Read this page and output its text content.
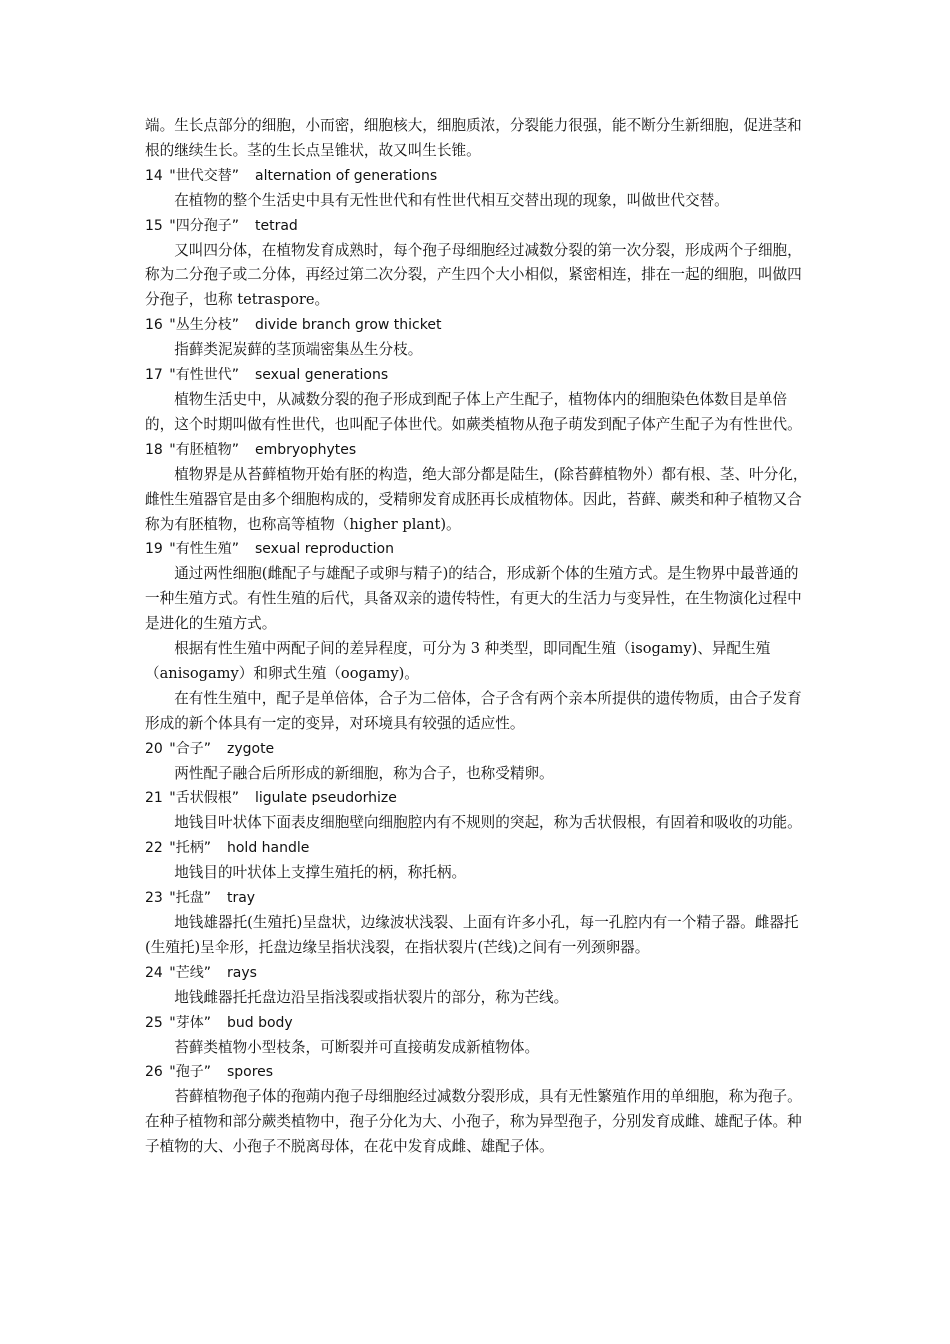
端。生长点部分的细胞，小而密，细胞核大，细胞质浓，分裂能力很强，能不断分生新细胞，促进茎和根的继续生长。茎的生长点呈锥状，故又叫生长锥。

14 "世代交替” alternation of generations

在植物的整个生活史中具有无性世代和有性世代相互交替出现的现象，叫做世代交替。

15 "四分孢子” tetrad

又叫四分体，在植物发育成熟时，每个孢子母细胞经过减数分裂的第一次分裂，形成两个子细胞，称为二分孢子或二分体，再经过第二次分裂，产生四个大小相似，紧密相连，排在一起的细胞，叫做四分孢子，也称 tetraspore。

16 "丛生分枝” divide branch grow thicket

指藓类泥炭藓的茎顶端密集丛生分枝。

17 "有性世代” sexual generations

植物生活史中，从减数分裂的孢子形成到配子体上产生配子，植物体内的细胞染色体数目是单倍的，这个时期叫做有性世代，也叫配子体世代。如蕨类植物从孢子萌发到配子体产生配子为有性世代。

18 "有胚植物” embryophytes

植物界是从苔藓植物开始有胚的构造，绝大部分都是陆生，(除苔藓植物外）都有根、茎、叶分化，雌性生殖器官是由多个细胞构成的，受精卵发育成胚再长成植物体。因此，苔藓、蕨类和种子植物又合称为有胚植物，也称高等植物（higher plant)。

19 "有性生殖” sexual reproduction

通过两性细胞(雌配子与雄配子或卵与精子)的结合，形成新个体的生殖方式。是生物界中最普通的一种生殖方式。有性生殖的后代，具备双亲的遗传特性，有更大的生活力与变异性，在生物演化过程中是进化的生殖方式。

根据有性生殖中两配子间的差异程度，可分为 3 种类型，即同配生殖（isogamy)、异配生殖（anisogamy）和卵式生殖（oogamy)。

在有性生殖中，配子是单倍体，合子为二倍体，合子含有两个亲本所提供的遗传物质，由合子发育形成的新个体具有一定的变异，对环境具有较强的适应性。

20 "合子” zygote

两性配子融合后所形成的新细胞，称为合子，也称受精卵。

21 "舌状假根” ligulate pseudorhize

地钱目叶状体下面表皮细胞壁向细胞腔内有不规则的突起，称为舌状假根，有固着和吸收的功能。

22 "托柄” hold handle

地钱目的叶状体上支撑生殖托的柄，称托柄。

23 "托盘” tray

地钱雄器托(生殖托)呈盘状，边缘波状浅裂、上面有许多小孔，每一孔腔内有一个精子器。雌器托(生殖托)呈伞形，托盘边缘呈指状浅裂，在指状裂片(芒线)之间有一列颈卵器。

24 "芒线” rays

地钱雌器托托盘边沿呈指浅裂或指状裂片的部分，称为芒线。

25 "芽体” bud body

苔藓类植物小型枝条，可断裂并可直接萌发成新植物体。

26 "孢子” spores

苔藓植物孢子体的孢蒴内孢子母细胞经过减数分裂形成，具有无性繁殖作用的单细胞，称为孢子。在种子植物和部分蕨类植物中，孢子分化为大、小孢子，称为异型孢子，分别发育成雌、雄配子体。种子植物的大、小孢子不脱离母体，在花中发育成雌、雄配子体。
